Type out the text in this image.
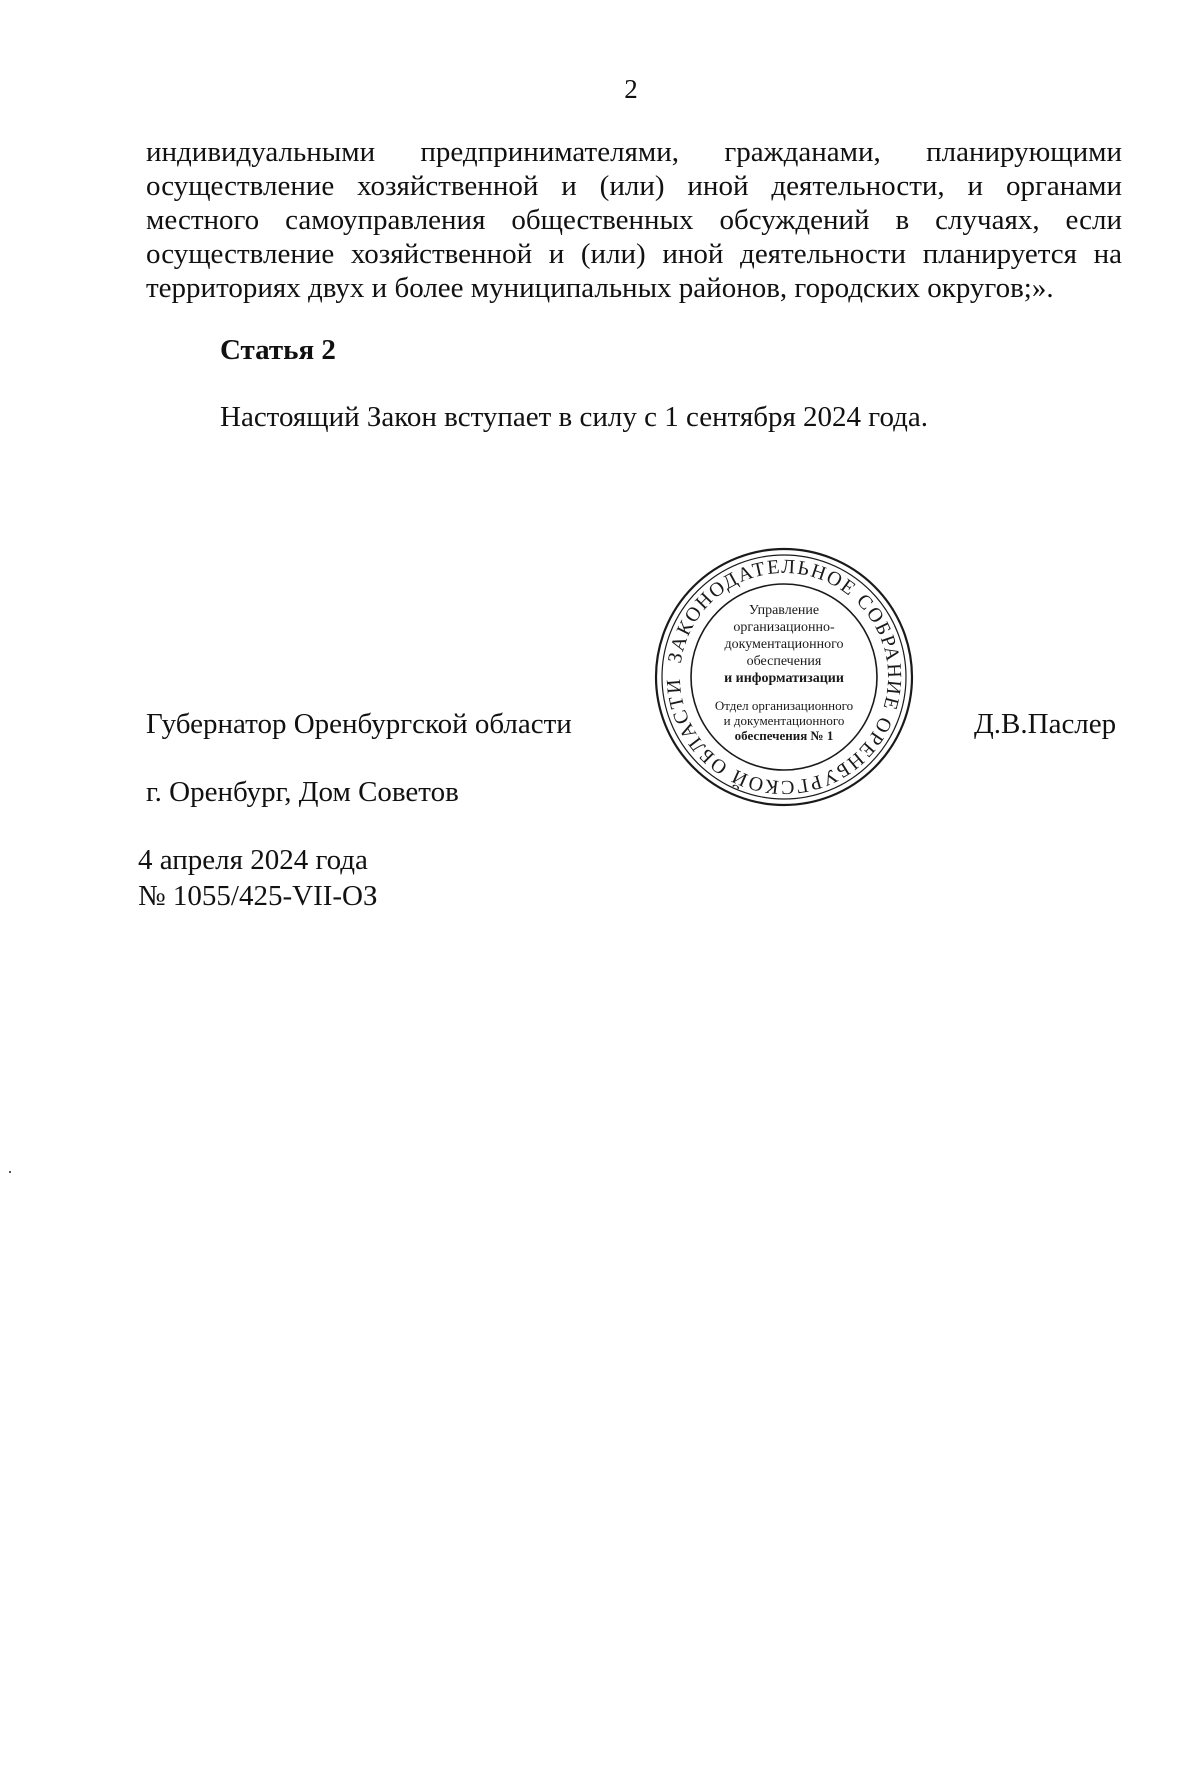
2

индивидуальными предпринимателями, гражданами, планирующими осуществление хозяйственной и (или) иной деятельности, и органами местного самоуправления общественных обсуждений в случаях, если осуществление хозяйственной и (или) иной деятельности планируется на территориях двух и более муниципальных районов, городских округов;».

Статья 2

Настоящий Закон вступает в силу с 1 сентября 2024 года.

Губернатор Оренбургской области
ЗАКОНОДАТЕЛЬНОЕ СОБРАНИЕ ОРЕНБУРГСКОЙ ОБЛАСТИ
Управление
организационно-
документационного
обеспечения
и информатизации
Отдел организационного
и документационного
обеспечения № 1	Д.В.Паслер
г. Оренбург, Дом Советов
4 апреля 2024 года
№ 1055/425-VII-ОЗ
